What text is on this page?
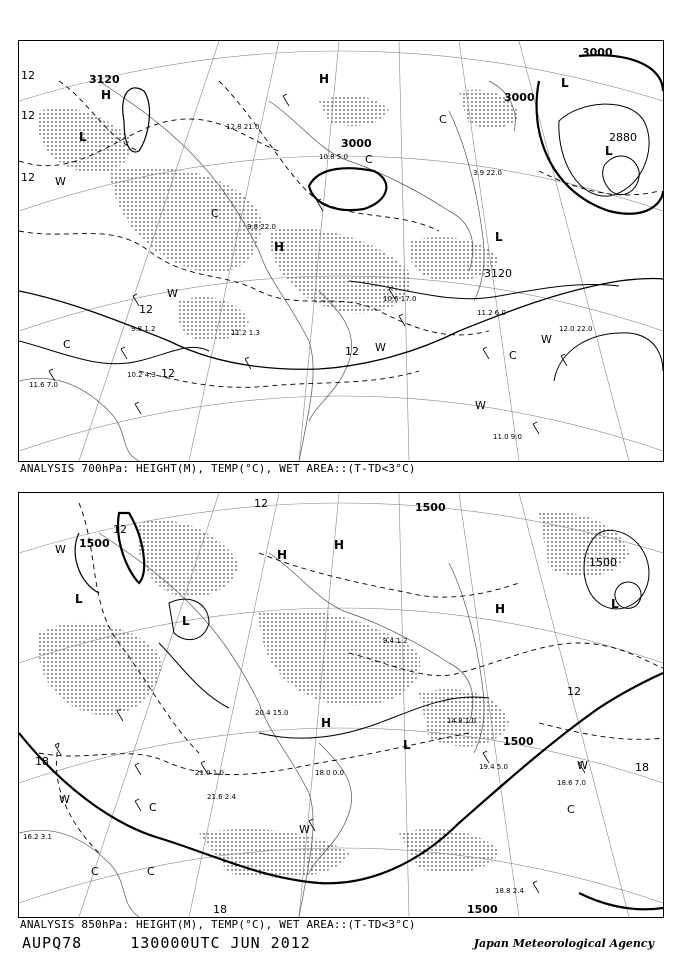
3120
3000
3000
3000
2880
3120
12
12
12
12
12
12
H
H
H
L
L
L
L
C
C
C
C
C
W
W
W
W
W
12.8 21.0
9.8 22.0
10.6 17.0
11.2 6.0
12.0 22.0
11.0 9.0
10.2 4.3
11.6 7.0
9.8 1.2
3.9 22.0
10.8 5.0
11.2 1.3
ANALYSIS 700hPa: HEIGHT(M), TEMP(°C), WET AREA::(T-TD<3°C)
1500
1500
1500
1500
1500
12
12
18
18
18
12
H
H
H
H
L
L
L
L
C
C	C
C
W
W
W
W
19.4 5.0
18.8 2.4
18.6 7.0
20.4 15.0
21.0 1.0
21.6 2.4
16.2 3.1
18.0 0.0
14.8 1.0
9.4 1.2
ANALYSIS 850hPa: HEIGHT(M), TEMP(°C), WET AREA::(T-TD<3°C)
AUPQ78	130000UTC JUN 2012	Japan Meteorological Agency
